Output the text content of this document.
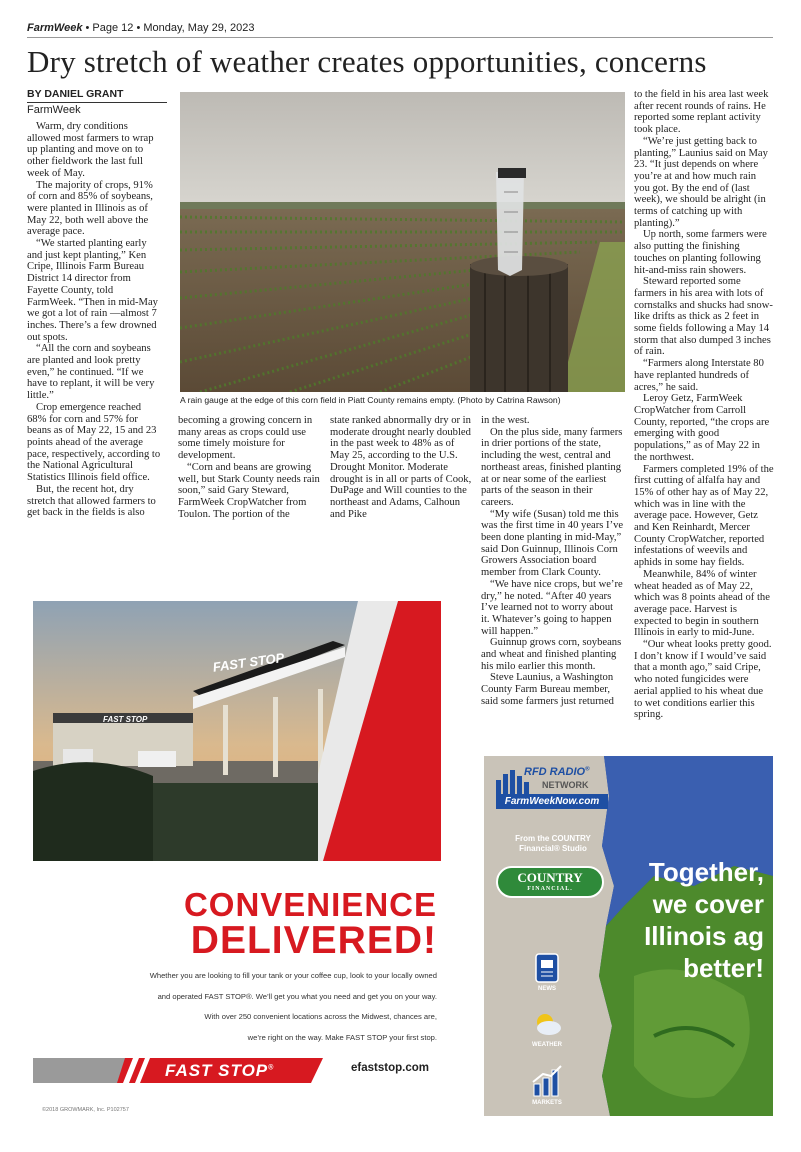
FarmWeek • Page 12 • Monday, May 29, 2023
Dry stretch of weather creates opportunities, concerns
BY DANIEL GRANT
FarmWeek

Warm, dry conditions allowed most farmers to wrap up planting and move on to other fieldwork the last full week of May.

The majority of crops, 91% of corn and 85% of soybeans, were planted in Illinois as of May 22, both well above the average pace.

“We started planting early and just kept planting,” Ken Cripe, Illinois Farm Bureau District 14 director from Fayette County, told FarmWeek. “Then in mid-May we got a lot of rain —almost 7 inches. There’s a few drowned out spots.

“All the corn and soybeans are planted and look pretty even,” he continued. “If we have to replant, it will be very little.”

Crop emergence reached 68% for corn and 57% for beans as of May 22, 15 and 23 points ahead of the average pace, respectively, according to the National Agricultural Statistics Illinois field office.

But, the recent hot, dry stretch that allowed farmers to get back in the fields is also

A rain gauge at the edge of this corn field in Piatt County remains empty. (Photo by Catrina Rawson)

becoming a growing concern in many areas as crops could use some timely moisture for development.

“Corn and beans are growing well, but Stark County needs rain soon,” said Gary Steward, FarmWeek CropWatcher from Toulon. The portion of the

state ranked abnormally dry or in moderate drought nearly doubled in the past week to 48% as of May 25, according to the U.S. Drought Monitor. Moderate drought is in all or parts of Cook, DuPage and Will counties to the northeast and Adams, Calhoun and Pike

in the west.

On the plus side, many farmers in drier portions of the state, including the west, central and northeast areas, finished planting at or near some of the earliest parts of the season in their careers.

“My wife (Susan) told me this was the first time in 40 years I’ve been done planting in mid-May,” said Don Guinnup, Illinois Corn Growers Association board member from Clark County.

“We have nice crops, but we’re dry,” he noted. “After 40 years I’ve learned not to worry about it. Whatever’s going to happen will happen.”

Guinnup grows corn, soybeans and wheat and finished planting his milo earlier this month.

Steve Launius, a Washington County Farm Bureau member, said some farmers just returned

to the field in his area last week after recent rounds of rains. He reported some replant activity took place.

“We’re just getting back to planting,” Launius said on May 23. “It just depends on where you’re at and how much rain you got. By the end of (last week), we should be alright (in terms of catching up with planting).”

Up north, some farmers were also putting the finishing touches on planting following hit-and-miss rain showers.

Steward reported some farmers in his area with lots of cornstalks and shucks had snow-like drifts as thick as 2 feet in some fields following a May 14 storm that also dumped 3 inches of rain.

“Farmers along Interstate 80 have replanted hundreds of acres,” he said.

Leroy Getz, FarmWeek CropWatcher from Carroll County, reported, “the crops are emerging with good populations,” as of May 22 in the northwest.

Farmers completed 19% of the first cutting of alfalfa hay and 15% of other hay as of May 22, which was in line with the average pace. However, Getz and Ken Reinhardt, Mercer County CropWatcher, reported infestations of weevils and aphids in some hay fields.

Meanwhile, 84% of winter wheat headed as of May 22, which was 8 points ahead of the average pace. Harvest is expected to begin in southern Illinois in early to mid-June.

“Our wheat looks pretty good. I don’t know if I would’ve said that a month ago,” said Cripe, who noted fungicides were aerial applied to his wheat due to wet conditions earlier this spring.

FAST STOP
FAST STOP
CONVENIENCE
DELIVERED!
Whether you are looking to fill your tank or your coffee cup, look to your locally owned
and operated FAST STOP®. We’ll get you what you need and get you on your way.
With over 250 convenient locations across the Midwest, chances are,
we’re right on the way. Make FAST STOP your first stop.
FAST STOP®	efaststop.com
©2018 GROWMARK, Inc. P102757
RFD RADIO®
NETWORK
FarmWeekNow.com
From the COUNTRY
Financial® Studio
COUNTRY
FINANCIAL.
Together,
we cover
Illinois ag
better!
NEWS
WEATHER
MARKETS
